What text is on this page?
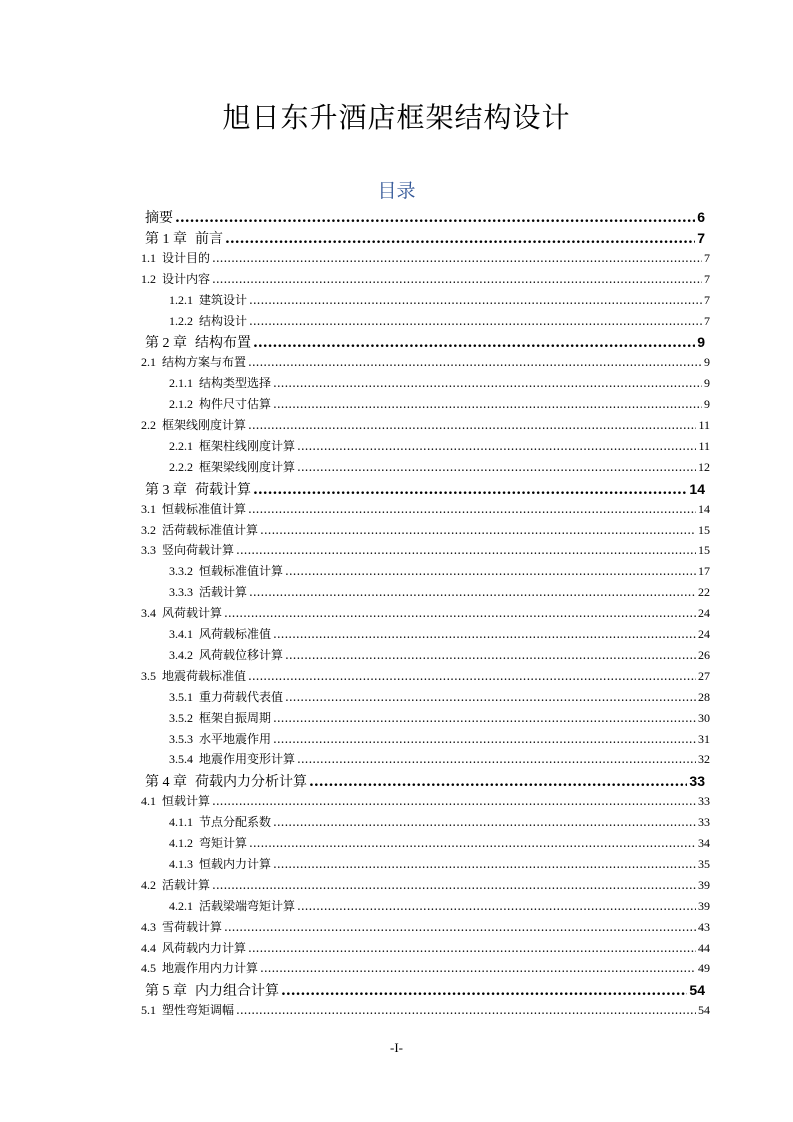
旭日东升酒店框架结构设计
目录
摘要 .....	6
第 1 章 前言 .....	7
1.1 设计目的 .....	7
1.2 设计内容 .....	7
1.2.1 建筑设计 .....	7
1.2.2 结构设计 .....	7
第 2 章 结构布置 .....	9
2.1 结构方案与布置 .....	9
2.1.1 结构类型选择 .....	9
2.1.2 构件尺寸估算 .....	9
2.2 框架线刚度计算 .....	11
2.2.1 框架柱线刚度计算 .....	11
2.2.2 框架梁线刚度计算 .....	12
第 3 章 荷载计算 .....	14
3.1 恒载标准值计算 .....	14
3.2 活荷载标准值计算 .....	15
3.3 竖向荷载计算 .....	15
3.3.2 恒载标准值计算 .....	17
3.3.3 活载计算 .....	22
3.4 风荷载计算 .....	24
3.4.1 风荷载标准值 .....	24
3.4.2 风荷载位移计算 .....	26
3.5 地震荷载标准值 .....	27
3.5.1 重力荷载代表值 .....	28
3.5.2 框架自振周期 .....	30
3.5.3 水平地震作用 .....	31
3.5.4 地震作用变形计算 .....	32
第 4 章 荷载内力分析计算 .....	33
4.1 恒载计算 .....	33
4.1.1 节点分配系数 .....	33
4.1.2 弯矩计算 .....	34
4.1.3 恒载内力计算 .....	35
4.2 活载计算 .....	39
4.2.1 活载梁端弯矩计算 .....	39
4.3 雪荷载计算 .....	43
4.4 风荷载内力计算 .....	44
4.5 地震作用内力计算 .....	49
第 5 章 内力组合计算 .....	54
5.1 塑性弯矩调幅 .....	54
-I-
